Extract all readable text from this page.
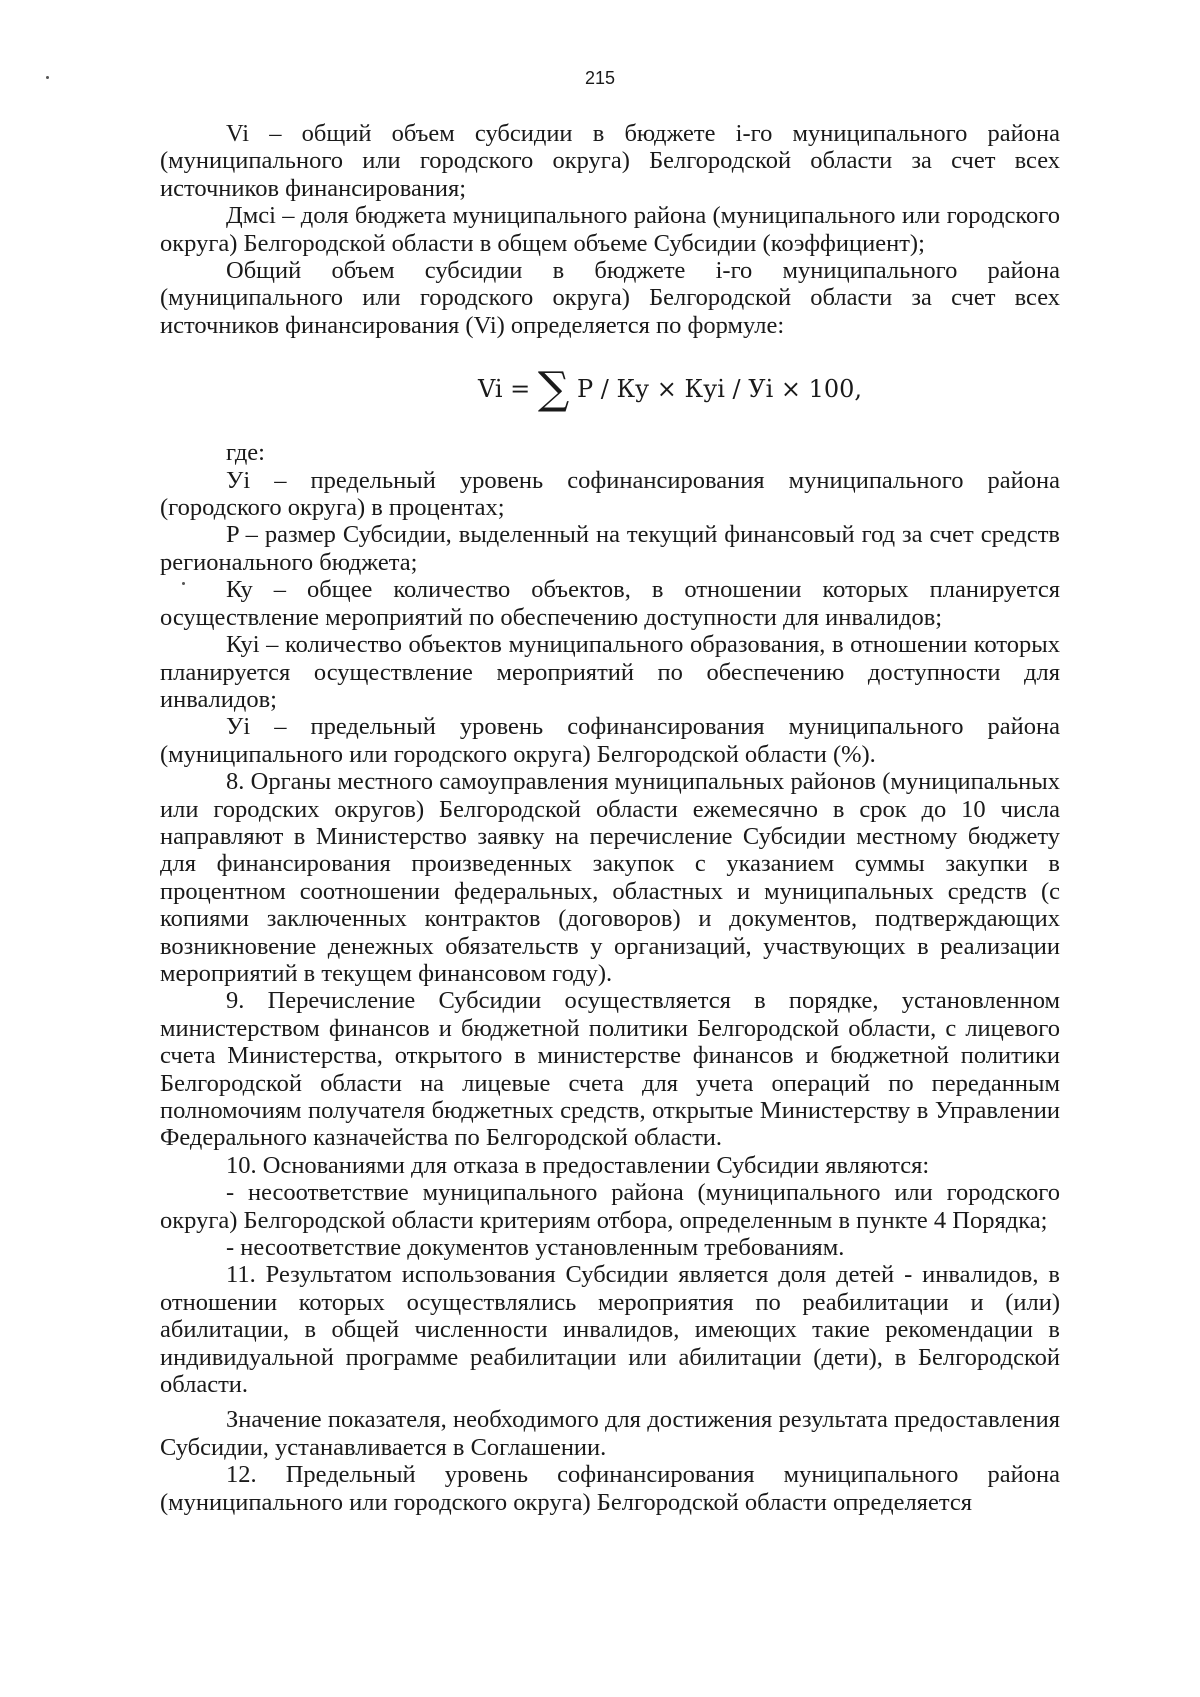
215

Vi – общий объем субсидии в бюджете i-го муниципального района (муниципального или городского округа) Белгородской области за счет всех источников финансирования;

Дмсi – доля бюджета муниципального района (муниципального или городского округа) Белгородской области в общем объеме Субсидии (коэффициент);

Общий объем субсидии в бюджете i-го муниципального района (муниципального или городского округа) Белгородской области за счет всех источников финансирования (Vi) определяется по формуле:

Vi = ∑ P / Ку × Куi / Уi × 100,

где:

Уi – предельный уровень софинансирования муниципального района (городского округа) в процентах;

P – размер Субсидии, выделенный на текущий финансовый год за счет средств регионального бюджета;

Ку – общее количество объектов, в отношении которых планируется осуществление мероприятий по обеспечению доступности для инвалидов;

Куi – количество объектов муниципального образования, в отношении которых планируется осуществление мероприятий по обеспечению доступности для инвалидов;

Уi – предельный уровень софинансирования муниципального района (муниципального или городского округа) Белгородской области (%).

8. Органы местного самоуправления муниципальных районов (муниципальных или городских округов) Белгородской области ежемесячно в срок до 10 числа направляют в Министерство заявку на перечисление Субсидии местному бюджету для финансирования произведенных закупок с указанием суммы закупки в процентном соотношении федеральных, областных и муниципальных средств (с копиями заключенных контрактов (договоров) и документов, подтверждающих возникновение денежных обязательств у организаций, участвующих в реализации мероприятий в текущем финансовом году).

9. Перечисление Субсидии осуществляется в порядке, установленном министерством финансов и бюджетной политики Белгородской области, с лицевого счета Министерства, открытого в министерстве финансов и бюджетной политики Белгородской области на лицевые счета для учета операций по переданным полномочиям получателя бюджетных средств, открытые Министерству в Управлении Федерального казначейства по Белгородской области.

10. Основаниями для отказа в предоставлении Субсидии являются:

- несоответствие муниципального района (муниципального или городского округа) Белгородской области критериям отбора, определенным в пункте 4 Порядка;

- несоответствие документов установленным требованиям.

11. Результатом использования Субсидии является доля детей - инвалидов, в отношении которых осуществлялись мероприятия по реабилитации и (или) абилитации, в общей численности инвалидов, имеющих такие рекомендации в индивидуальной программе реабилитации или абилитации (дети), в Белгородской области.

Значение показателя, необходимого для достижения результата предоставления Субсидии, устанавливается в Соглашении.

12. Предельный уровень софинансирования муниципального района (муниципального или городского округа) Белгородской области определяется
